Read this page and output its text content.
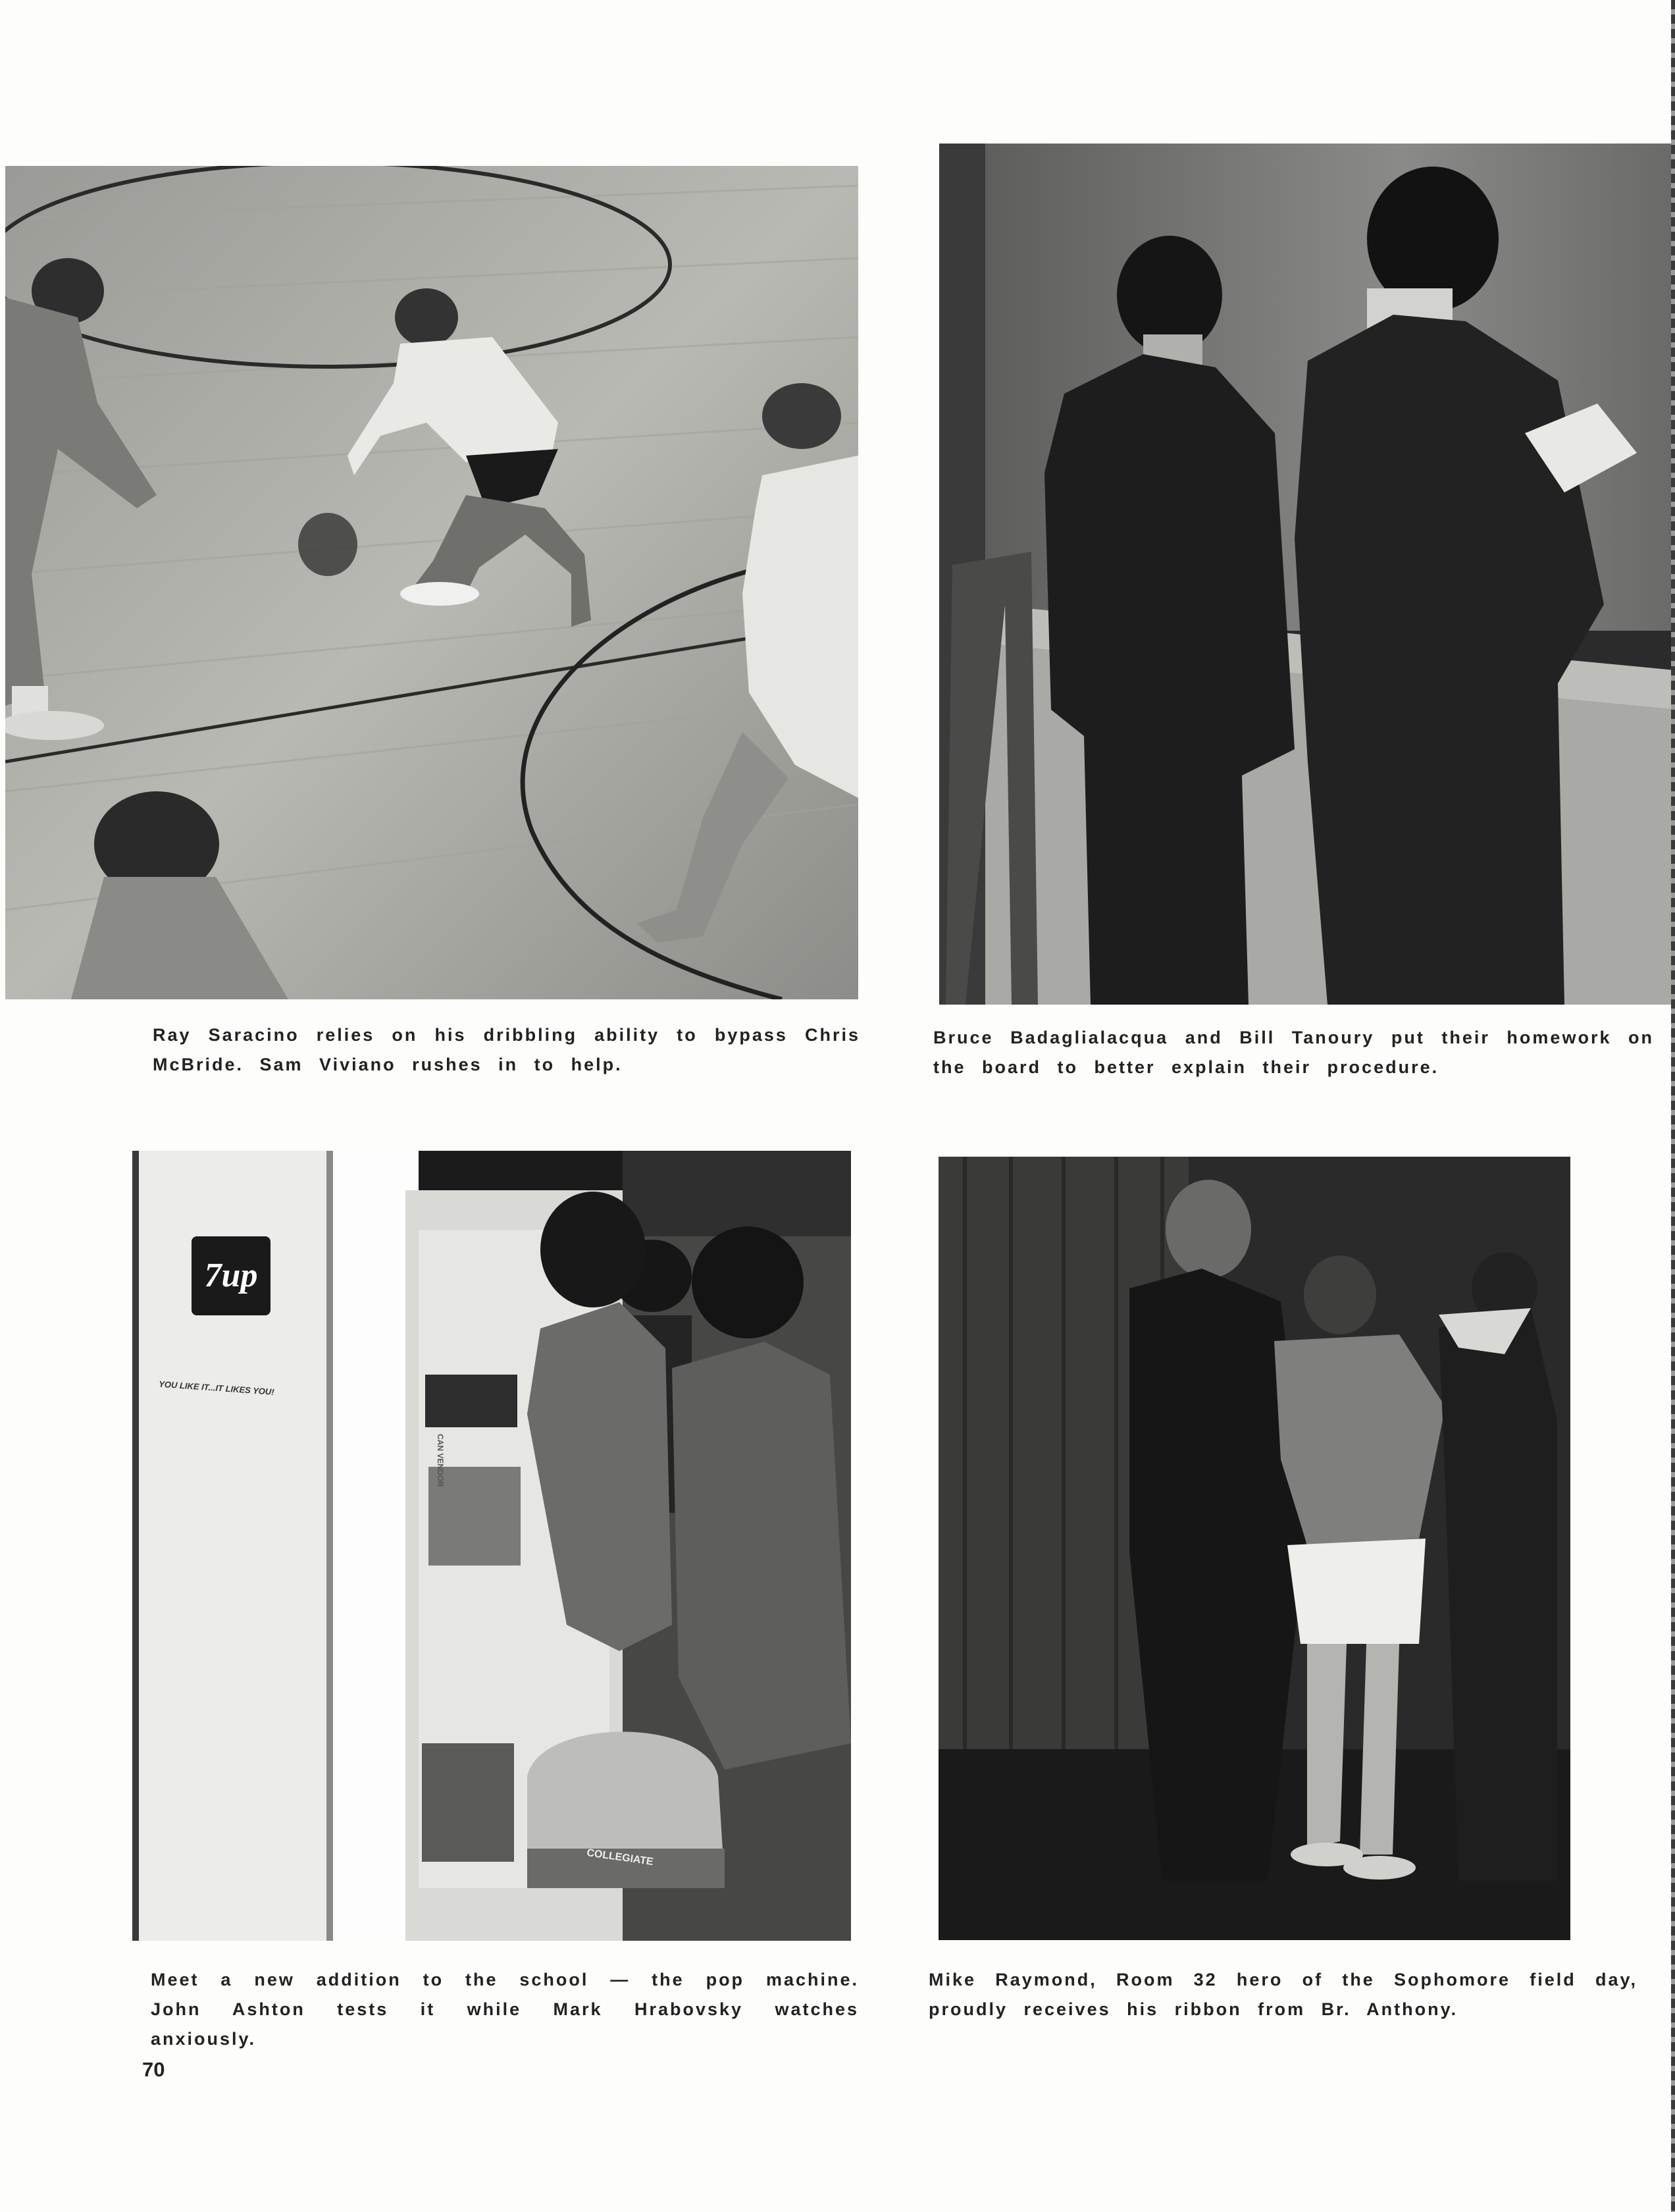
Ray Saracino relies on his dribbling ability to bypass Chris McBride. Sam Viviano rushes in to help.
Bruce Badaglialacqua and Bill Tanoury put their homework on the board to better explain their procedure.
7up
YOU LIKE IT...IT LIKES YOU!
CAN VENDOR
COLLEGIATE
Meet a new addition to the school — the pop machine. John Ashton tests it while Mark Hrabovsky watches anxiously.
Mike Raymond, Room 32 hero of the Sophomore field day, proudly receives his ribbon from Br. Anthony.
70
